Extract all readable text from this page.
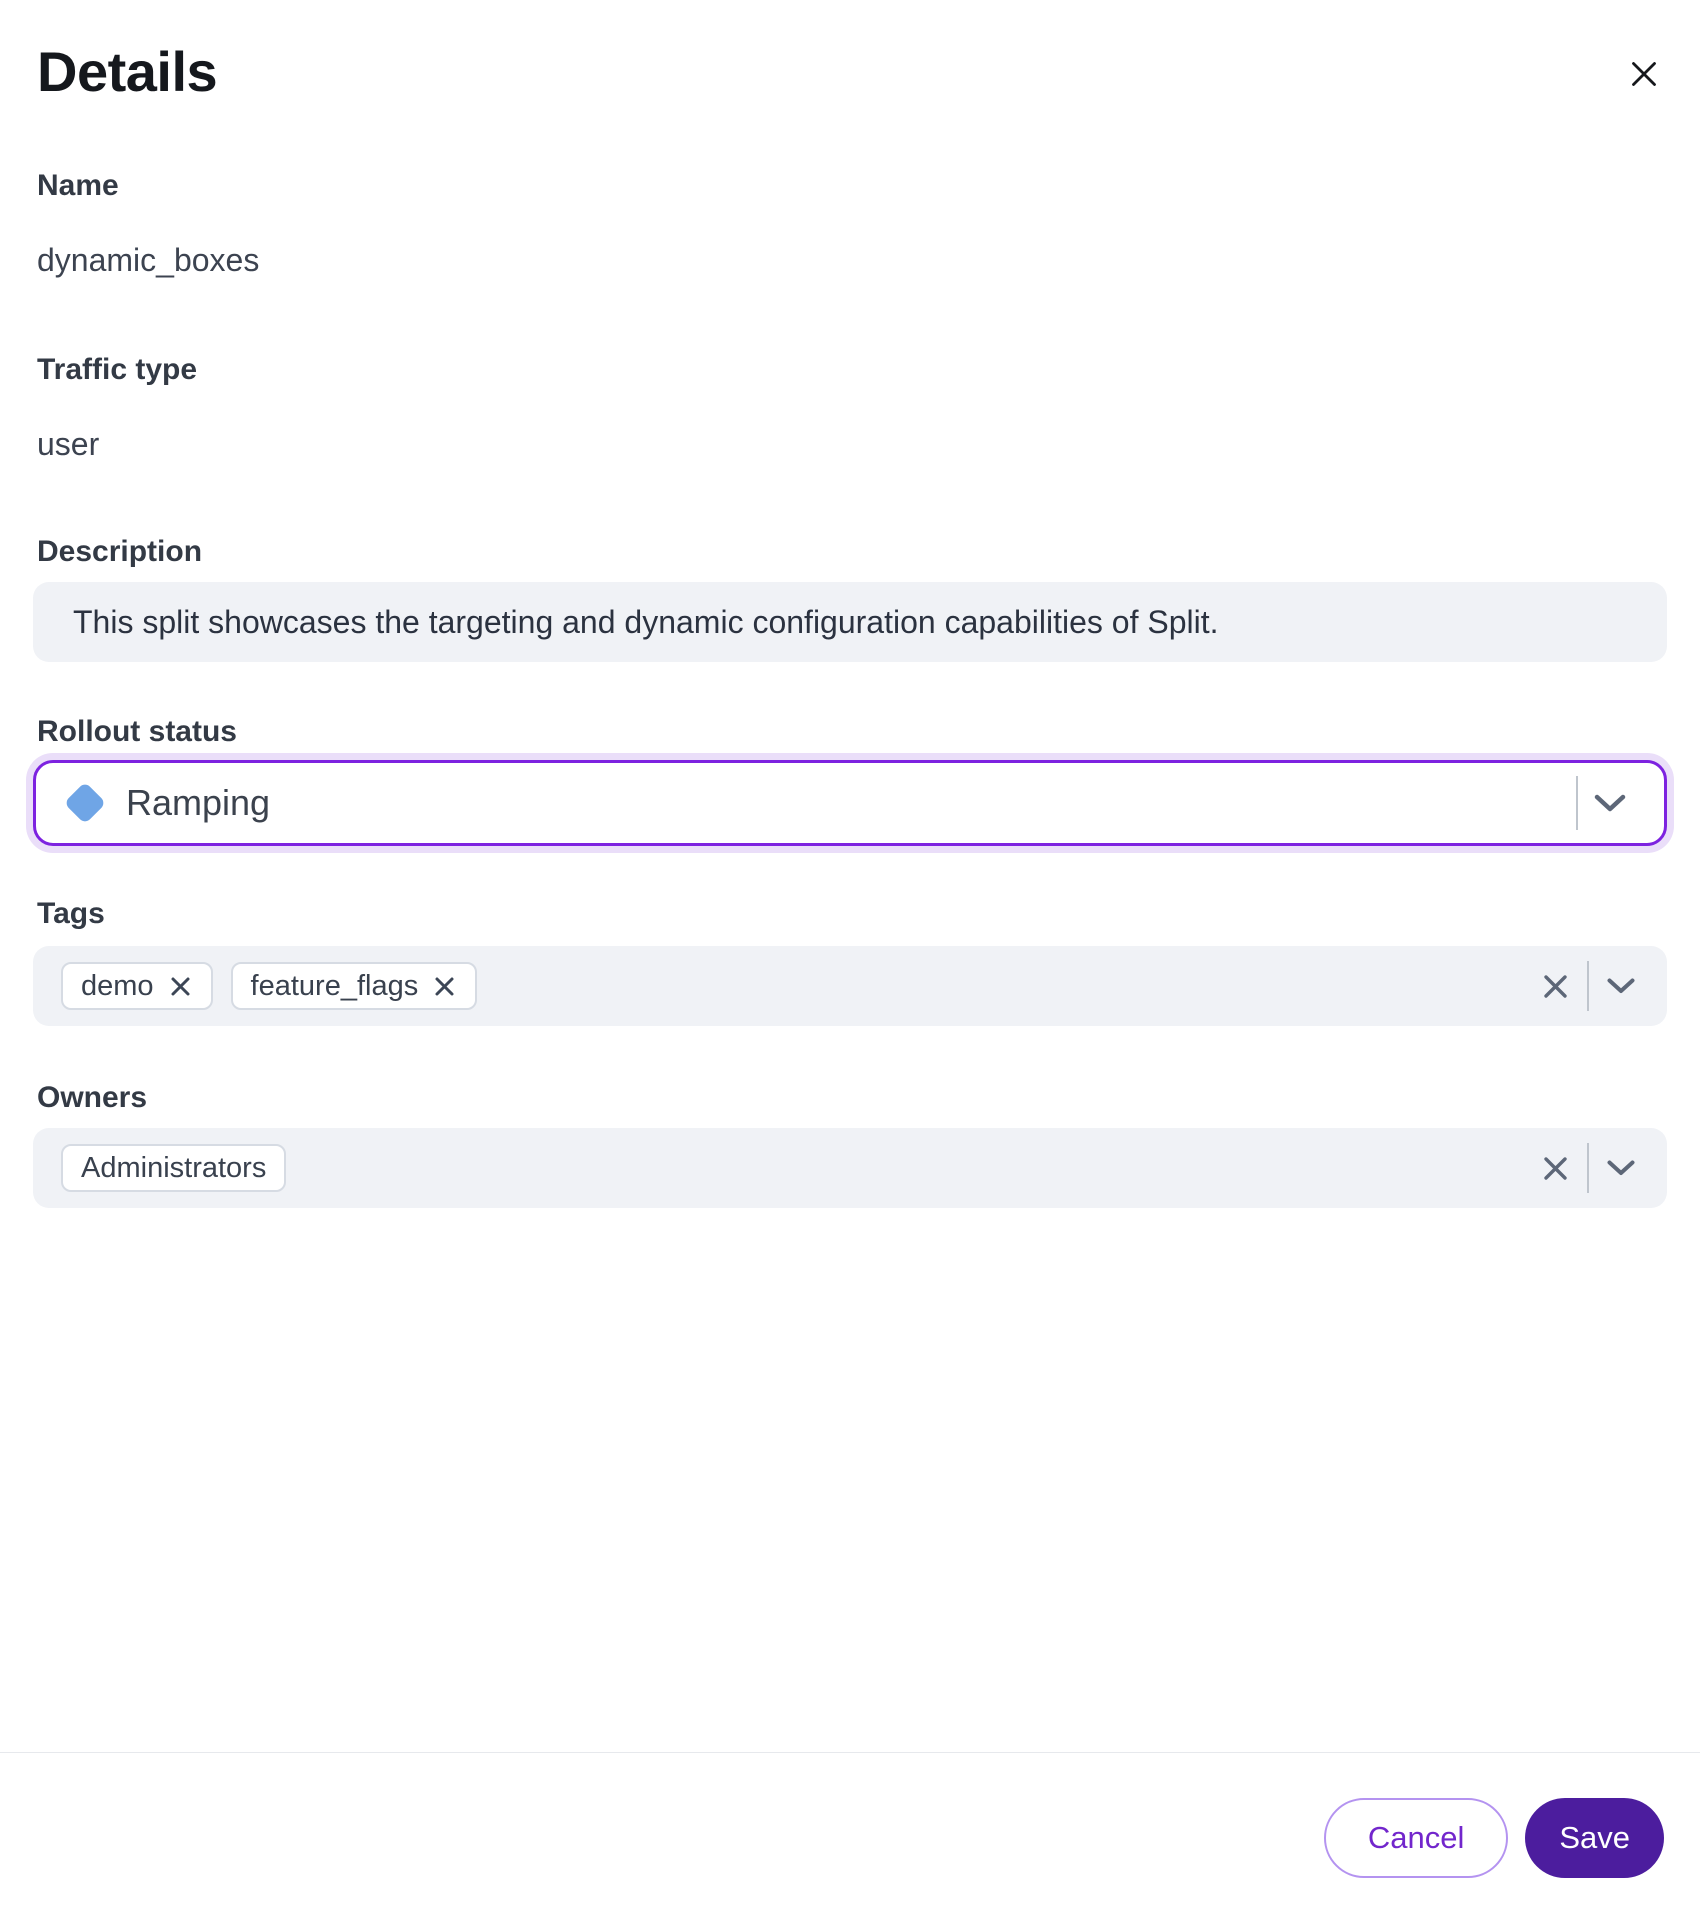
Details
Name
dynamic_boxes
Traffic type
user
Description
This split showcases the targeting and dynamic configuration capabilities of Split.
Rollout status
Ramping
Tags
demo	feature_flags
Owners
Administrators
Cancel	Save
